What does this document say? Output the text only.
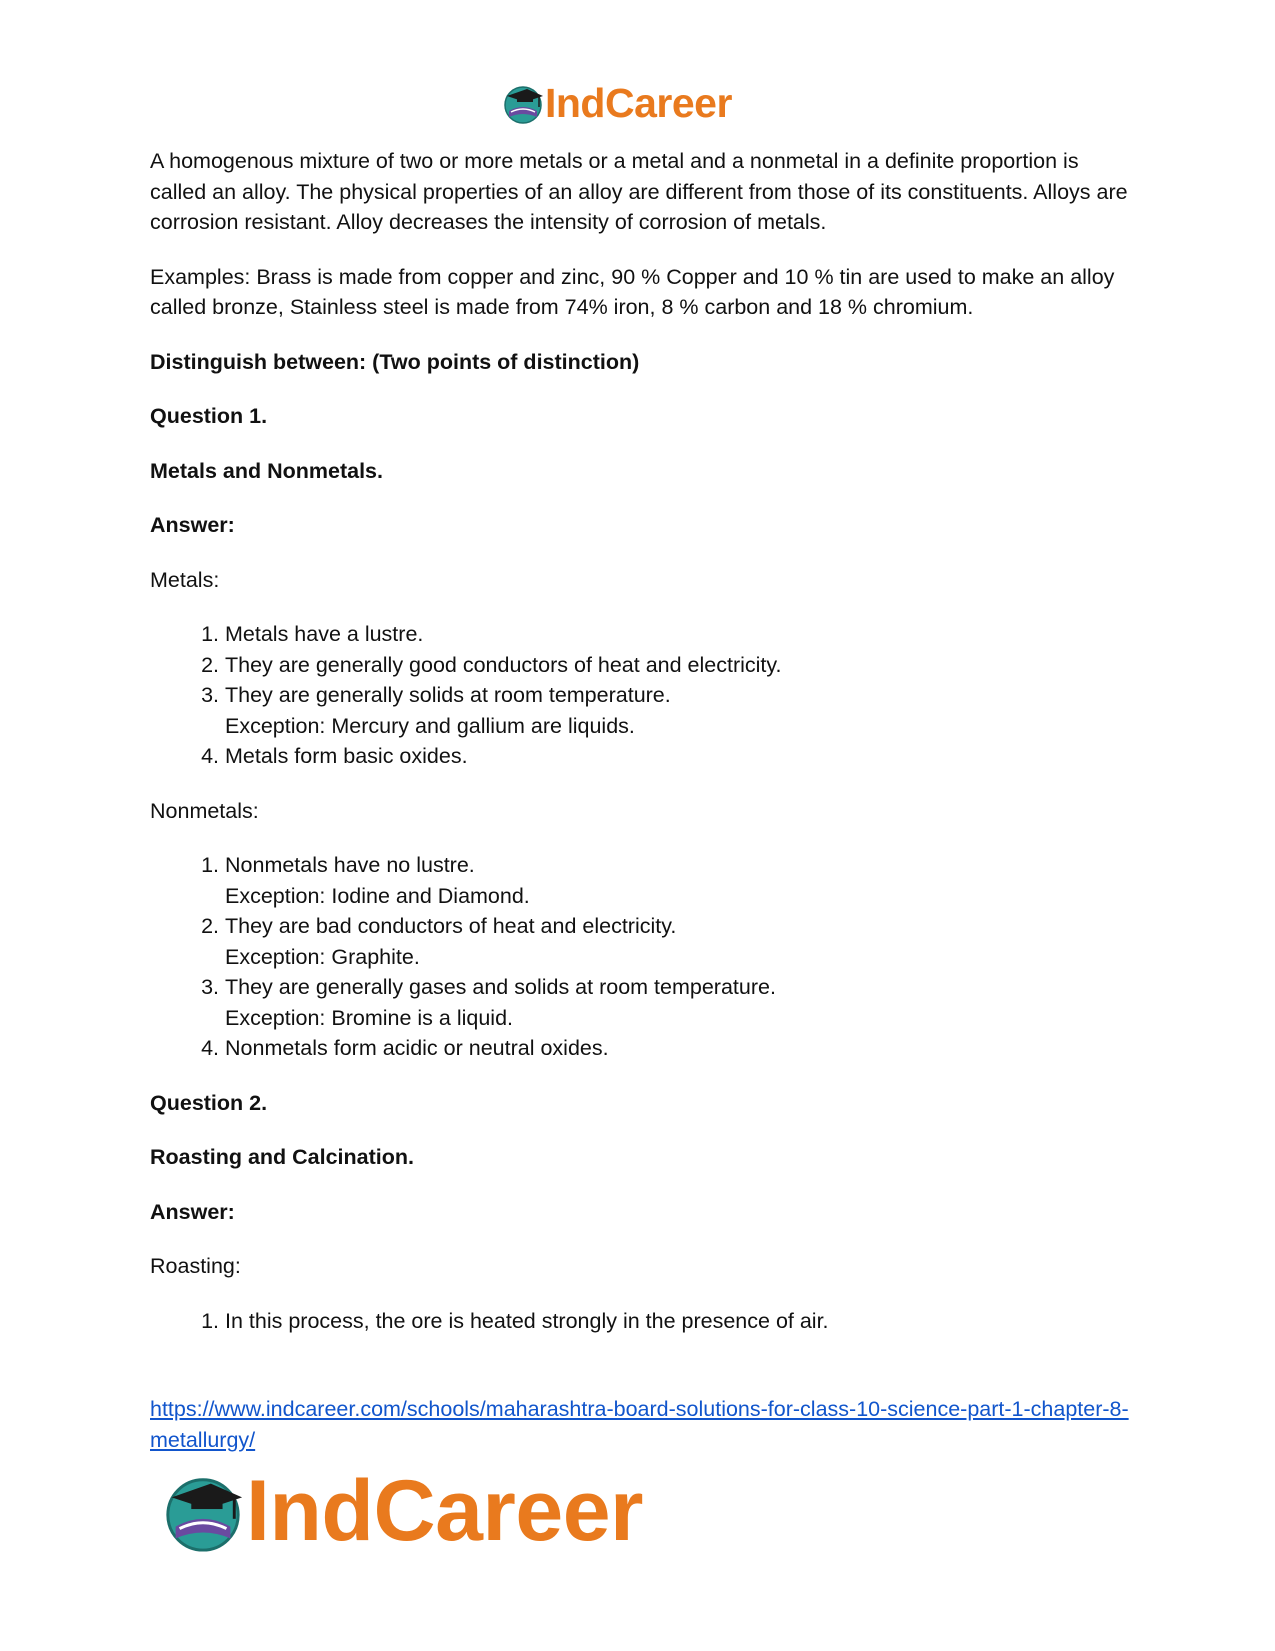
IndCareer

A homogenous mixture of two or more metals or a metal and a nonmetal in a definite proportion is called an alloy. The physical properties of an alloy are different from those of its constituents. Alloys are corrosion resistant. Alloy decreases the intensity of corrosion of metals.

Examples: Brass is made from copper and zinc, 90 % Copper and 10 % tin are used to make an alloy called bronze, Stainless steel is made from 74% iron, 8 % carbon and 18 % chromium.

Distinguish between: (Two points of distinction)

Question 1.

Metals and Nonmetals.

Answer:

Metals:

1. Metals have a lustre.
2. They are generally good conductors of heat and electricity.
3. They are generally solids at room temperature.
Exception: Mercury and gallium are liquids.
4. Metals form basic oxides.

Nonmetals:

1. Nonmetals have no lustre.
Exception: Iodine and Diamond.
2. They are bad conductors of heat and electricity.
Exception: Graphite.
3. They are generally gases and solids at room temperature.
Exception: Bromine is a liquid.
4. Nonmetals form acidic or neutral oxides.

Question 2.

Roasting and Calcination.

Answer:

Roasting:

1. In this process, the ore is heated strongly in the presence of air.
https://www.indcareer.com/schools/maharashtra-board-solutions-for-class-10-science-part-1-chapter-8-metallurgy/
IndCareer
